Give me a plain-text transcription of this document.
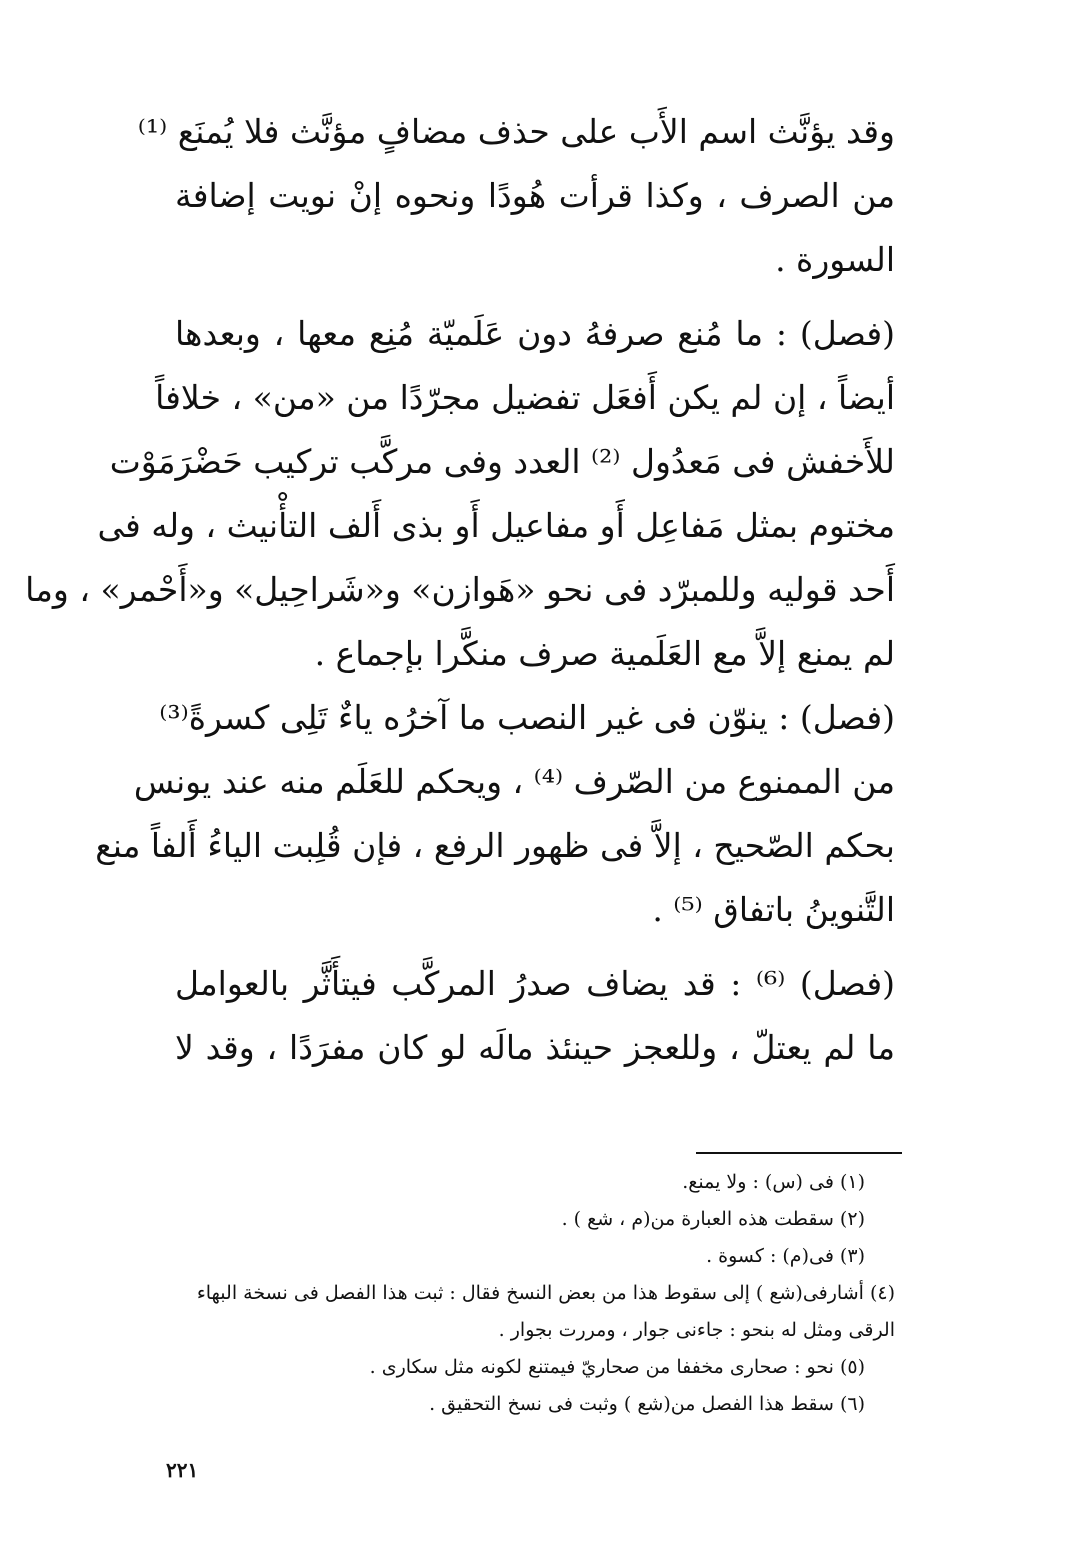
وقد يؤنَّث اسم الأَب على حذف مضافٍ مؤنَّث فلا يُمنَع ⁽¹⁾
من الصرف ، وكذا قرأت هُودًا ونحوه إنْ نويت إضافة
السورة .
(فصل) : ما مُنع صرفهُ دون عَلَميّة مُنِع معها ، وبعدها
أيضاً ، إن لم يكن أَفعَل تفضيل مجرّدًا من «من» ، خلافاً
للأَخفش فى مَعدُول ⁽²⁾ العدد وفى مركَّب تركيب حَضْرَمَوْت
مختوم بمثل مَفاعِل أَو مفاعيل أَو بذى أَلف التأْنيث ، وله فى
أَحد قوليه وللمبرّد فى نحو «هَوازن» و«شَراحِيل» و«أَحْمر» ، وما
لم يمنع إلاَّ مع العَلَمية صرف منكَّرا بإجماع .
(فصل) : ينوّن فى غير النصب ما آخرُه ياءٌ تَلِى كسرةً⁽³⁾
من الممنوع من الصّرف ⁽⁴⁾ ، ويحكم للعَلَم منه عند يونس
بحكم الصّحيح ، إلاَّ فى ظهور الرفع ، فإن قُلِبت الياءُ أَلفاً منع
التَّنوينُ باتفاق ⁽⁵⁾ .
(فصل) ⁽⁶⁾ : قد يضاف صدرُ المركَّب فيتأَثَّر بالعوامل
ما لم يعتلّ ، وللعجز حينئذ مالَه لو كان مفرَدًا ، وقد لا
(١) فى (س) : ولا يمنع.
(٢) سقطت هذه العبارة من(م ، شع ) .
(٣) فى(م) : كسوة .
(٤) أشارفى(شع ) إلى سقوط هذا من بعض النسخ فقال : ثبت هذا الفصل فى نسخة البهاء
الرقى ومثل له بنحو : جاءنى جوار ، ومررت بجوار .
(٥) نحو : صحارى مخففا من صحاريّ فيمتنع لكونه مثل سكارى .
(٦) سقط هذا الفصل من(شع ) وثبت فى نسخ التحقيق .
٢٢١
